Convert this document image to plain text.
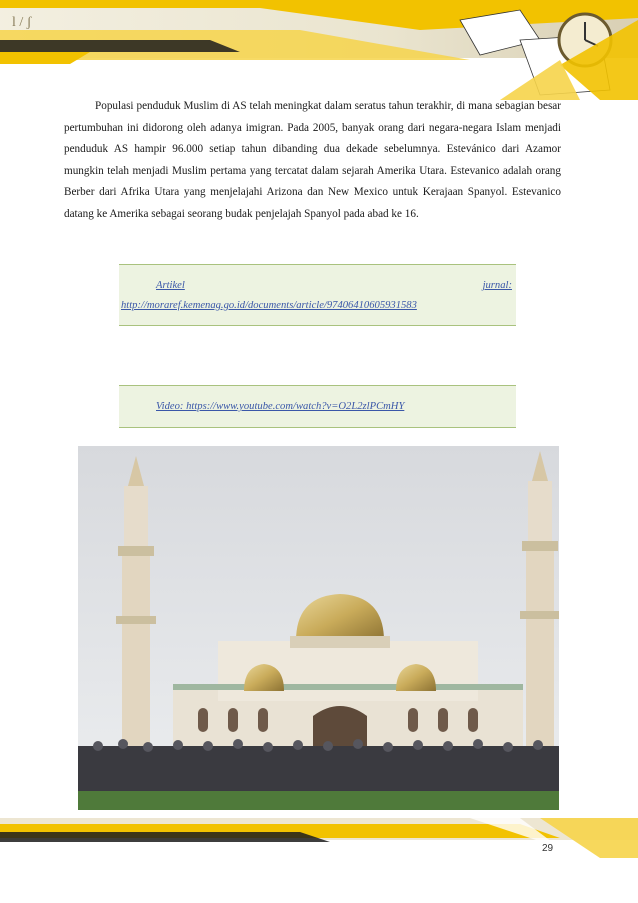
l / ʃ

Populasi penduduk Muslim di AS telah meningkat dalam seratus tahun terakhir, di mana sebagian besar pertumbuhan ini didorong oleh adanya imigran. Pada 2005, banyak orang dari negara-negara Islam menjadi penduduk AS hampir 96.000 setiap tahun dibanding dua dekade sebelumnya. Estevánico dari Azamor mungkin telah menjadi Muslim pertama yang tercatat dalam sejarah Amerika Utara. Estevanico adalah orang Berber dari Afrika Utara yang menjelajahi Arizona dan New Mexico untuk Kerajaan Spanyol. Estevanico datang ke Amerika sebagai seorang budak penjelajah Spanyol pada abad ke 16.

Artikel	jurnal:
http://moraref.kemenag.go.id/documents/article/97406410605931583
Video: https://www.youtube.com/watch?v=O2L2zlPCmHY
29
